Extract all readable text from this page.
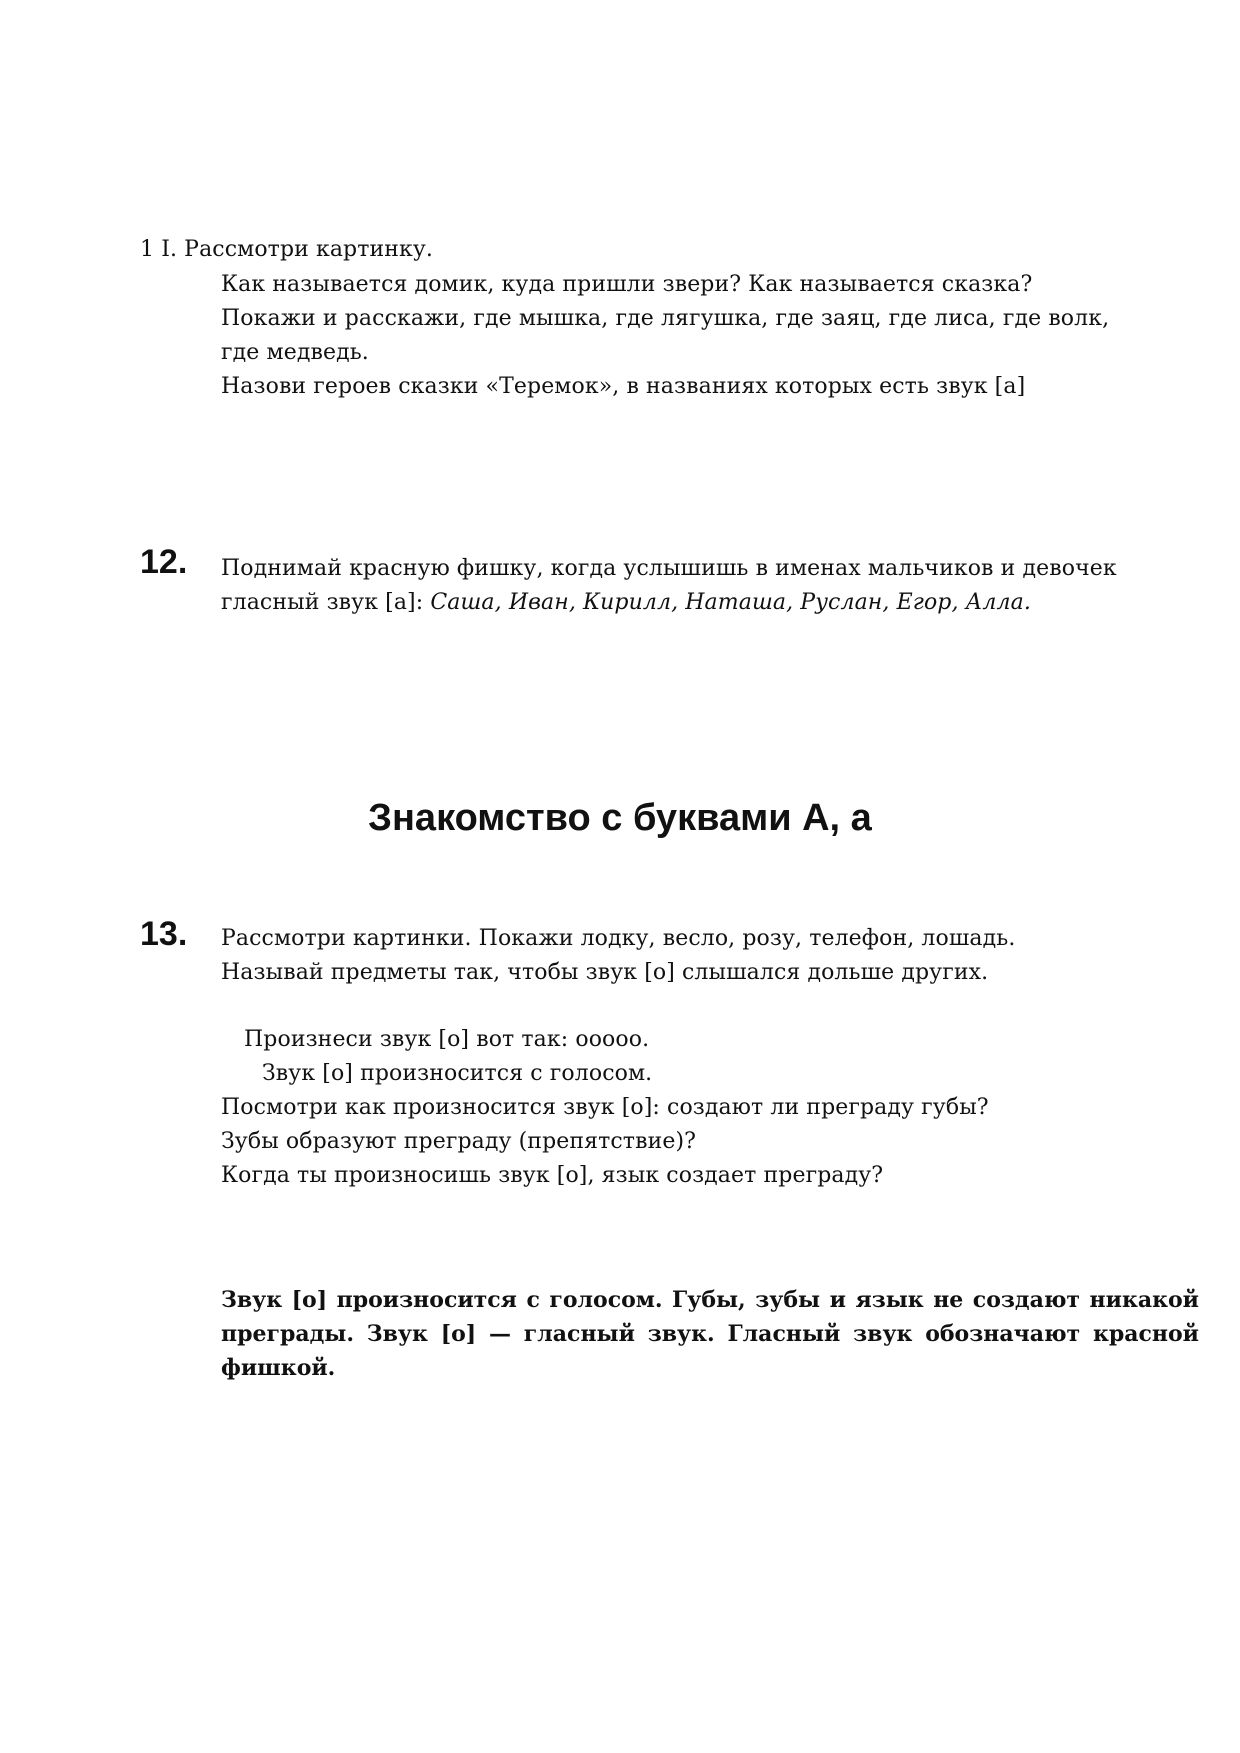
1 I. Рассмотри картинку.
Как называется домик, куда пришли звери? Как называется сказка?
Покажи и расскажи, где мышка, где лягушка, где заяц, где лиса, где волк,
где медведь.
Назови героев сказки «Теремок», в названиях которых есть звук [а]
12. Поднимай красную фишку, когда услышишь в именах мальчиков и девочек
гласный звук [а]: Саша, Иван, Кирилл, Наташа, Руслан, Егор, Алла.
Знакомство с буквами А, а
13. Рассмотри картинки. Покажи лодку, весло, розу, телефон, лошадь.
Называй предметы так, чтобы звук [о] слышался дольше других.
Произнеси звук [о] вот так: ооооо.
Звук [о] произносится с голосом.
Посмотри как произносится звук [о]: создают ли преграду губы?
Зубы образуют преграду (препятствие)?
Когда ты произносишь звук [о], язык создает преграду?
Звук [о] произносится с голосом. Губы, зубы и язык не создают никакой преграды. Звук [о] — гласный звук. Гласный звук обозначают красной фишкой.
